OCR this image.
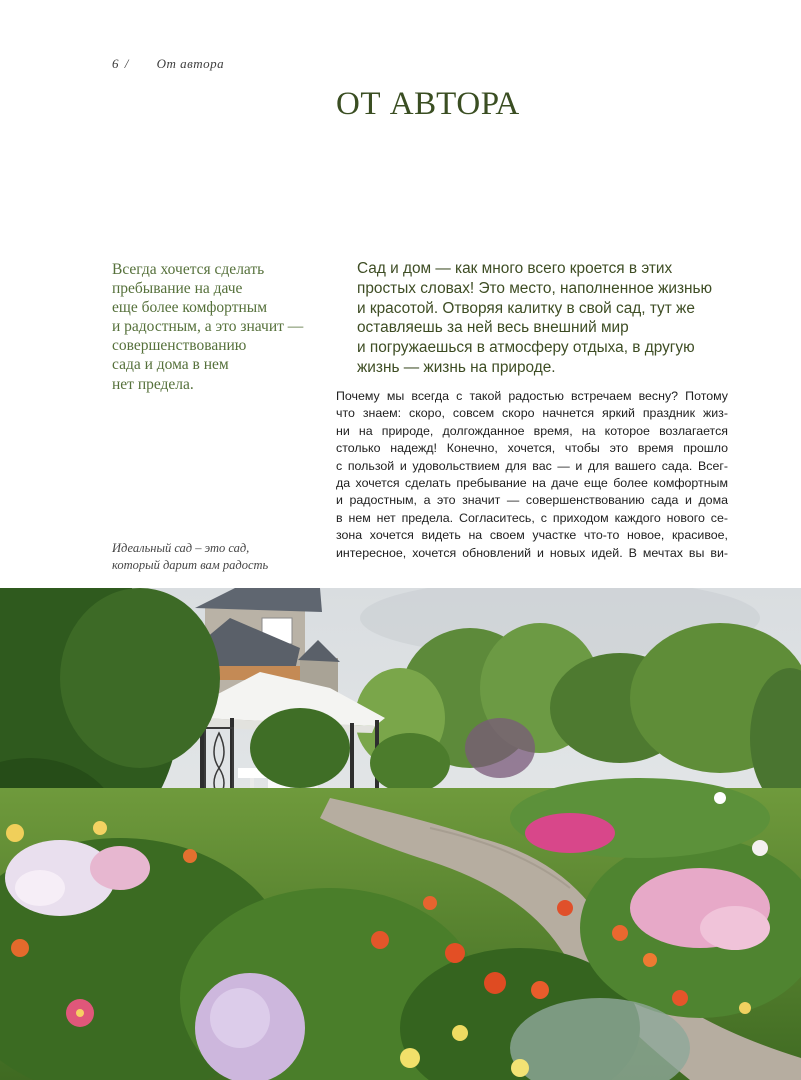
6 / От автора
ОТ АВТОРА
Всегда хочется сделать
пребывание на даче
еще более комфортным
и радостным, а это значит —
совершенствованию
сада и дома в нем
нет предела.
Сад и дом — как много всего кроется в этих
простых словах! Это место, наполненное жизнью
и красотой. Отворяя калитку в свой сад, тут же
оставляешь за ней весь внешний мир
и погружаешься в атмосферу отдыха, в другую
жизнь — жизнь на природе.
Почему мы всегда с такой радостью встречаем весну? Потому
что знаем: скоро, совсем скоро начнется яркий праздник жиз-
ни на природе, долгожданное время, на которое возлагается
столько надежд! Конечно, хочется, чтобы это время прошло
с пользой и удовольствием для вас — и для вашего сада. Всег-
да хочется сделать пребывание на даче еще более комфортным
и радостным, а это значит — совершенствованию сада и дома
в нем нет предела. Согласитесь, с приходом каждого нового се-
зона хочется видеть на своем участке что-то новое, красивое,
интересное, хочется обновлений и новых идей. В мечтах вы ви-
Идеальный сад – это сад,
который дарит вам радость
